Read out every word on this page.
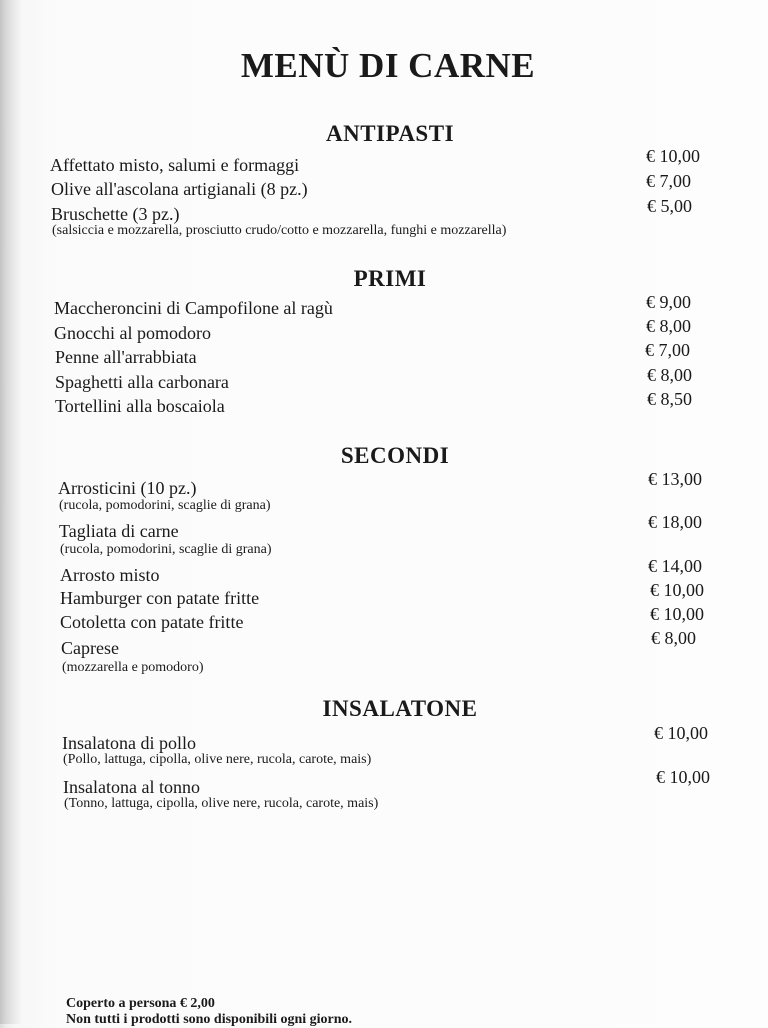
MENÙ DI CARNE
ANTIPASTI
Affettato misto, salumi e formaggi	€ 10,00
Olive all'ascolana artigianali (8 pz.)	€ 7,00
Bruschette (3 pz.)	€ 5,00
(salsiccia e mozzarella, prosciutto crudo/cotto e mozzarella, funghi e mozzarella)
PRIMI
Maccheroncini di Campofilone al ragù	€ 9,00
Gnocchi al pomodoro	€ 8,00
Penne all'arrabbiata	€ 7,00
Spaghetti alla carbonara	€ 8,00
Tortellini alla boscaiola	€ 8,50
SECONDI
Arrosticini (10 pz.)	€ 13,00
(rucola, pomodorini, scaglie di grana)
Tagliata di carne	€ 18,00
(rucola, pomodorini, scaglie di grana)
Arrosto misto	€ 14,00
Hamburger con patate fritte	€ 10,00
Cotoletta con patate fritte	€ 10,00
Caprese	€ 8,00
(mozzarella e pomodoro)
INSALATONE
Insalatona di pollo	€ 10,00
(Pollo, lattuga, cipolla, olive nere, rucola, carote, mais)
Insalatona al tonno	€ 10,00
(Tonno, lattuga, cipolla, olive nere, rucola, carote, mais)
Coperto a persona € 2,00
Non tutti i prodotti sono disponibili ogni giorno.
